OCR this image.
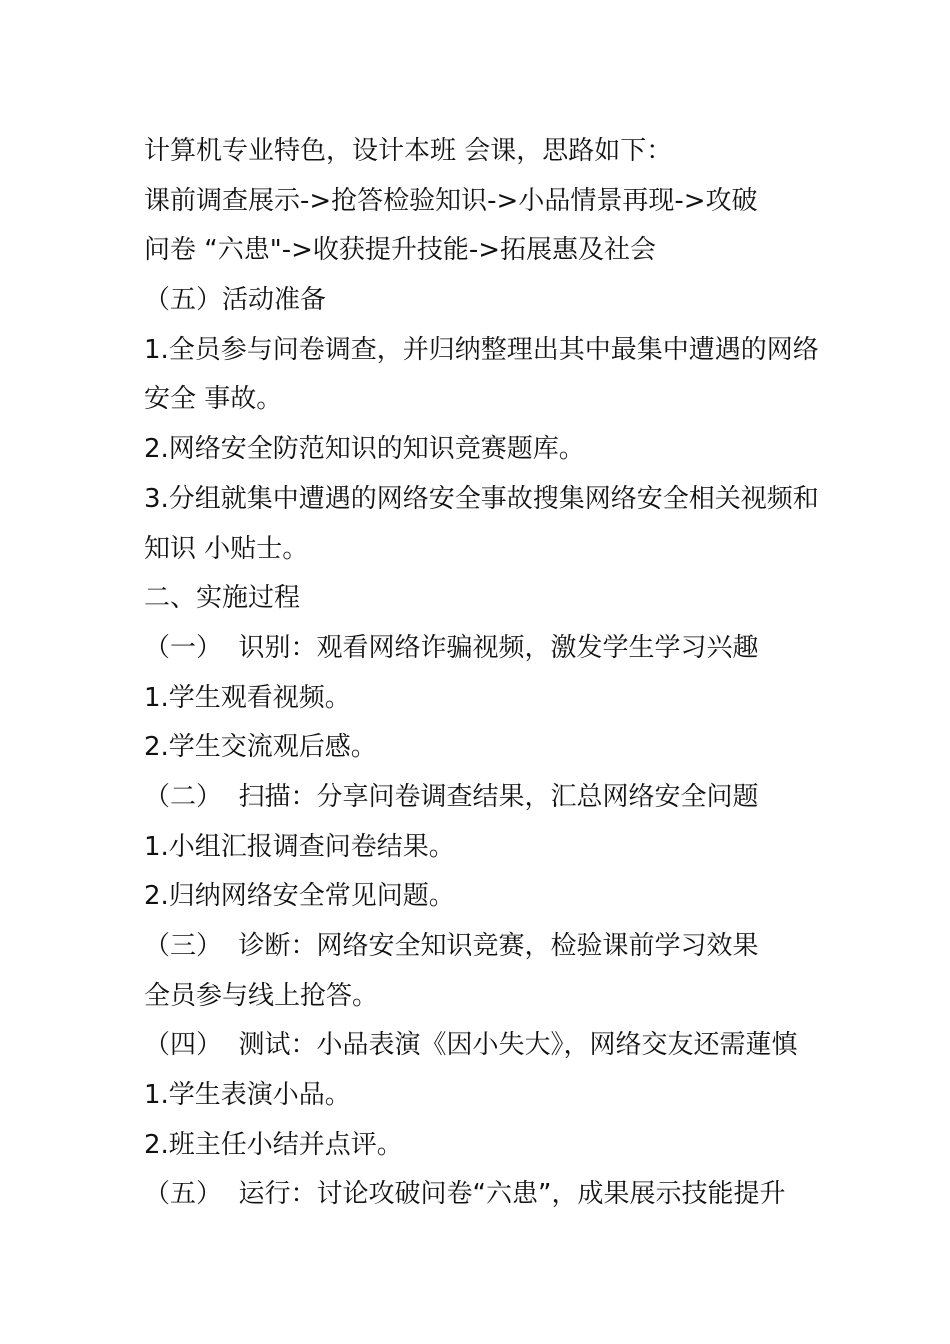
计算机专业特色，设计本班 会课，思路如下：
课前调查展示->抢答检验知识->小品情景再现->攻破
问卷 “六患"->收获提升技能->拓展惠及社会
（五）活动准备
1.全员参与问卷调查，并归纳整理出其中最集中遭遇的网络
安全 事故。
2.网络安全防范知识的知识竞赛题库。
3.分组就集中遭遇的网络安全事故搜集网络安全相关视频和
知识 小贴士。
二、实施过程
（一）  识别：观看网络诈骗视频，激发学生学习兴趣
1.学生观看视频。
2.学生交流观后感。
（二）  扫描：分享问卷调查结果，汇总网络安全问题
1.小组汇报调查问卷结果。
2.归纳网络安全常见问题。
（三）  诊断：网络安全知识竞赛，检验课前学习效果
全员参与线上抢答。
（四）  测试：小品表演《因小失大》，网络交友还需蓮慎
1.学生表演小品。
2.班主任小结并点评。
（五）  运行：讨论攻破问卷“六患”，成果展示技能提升
